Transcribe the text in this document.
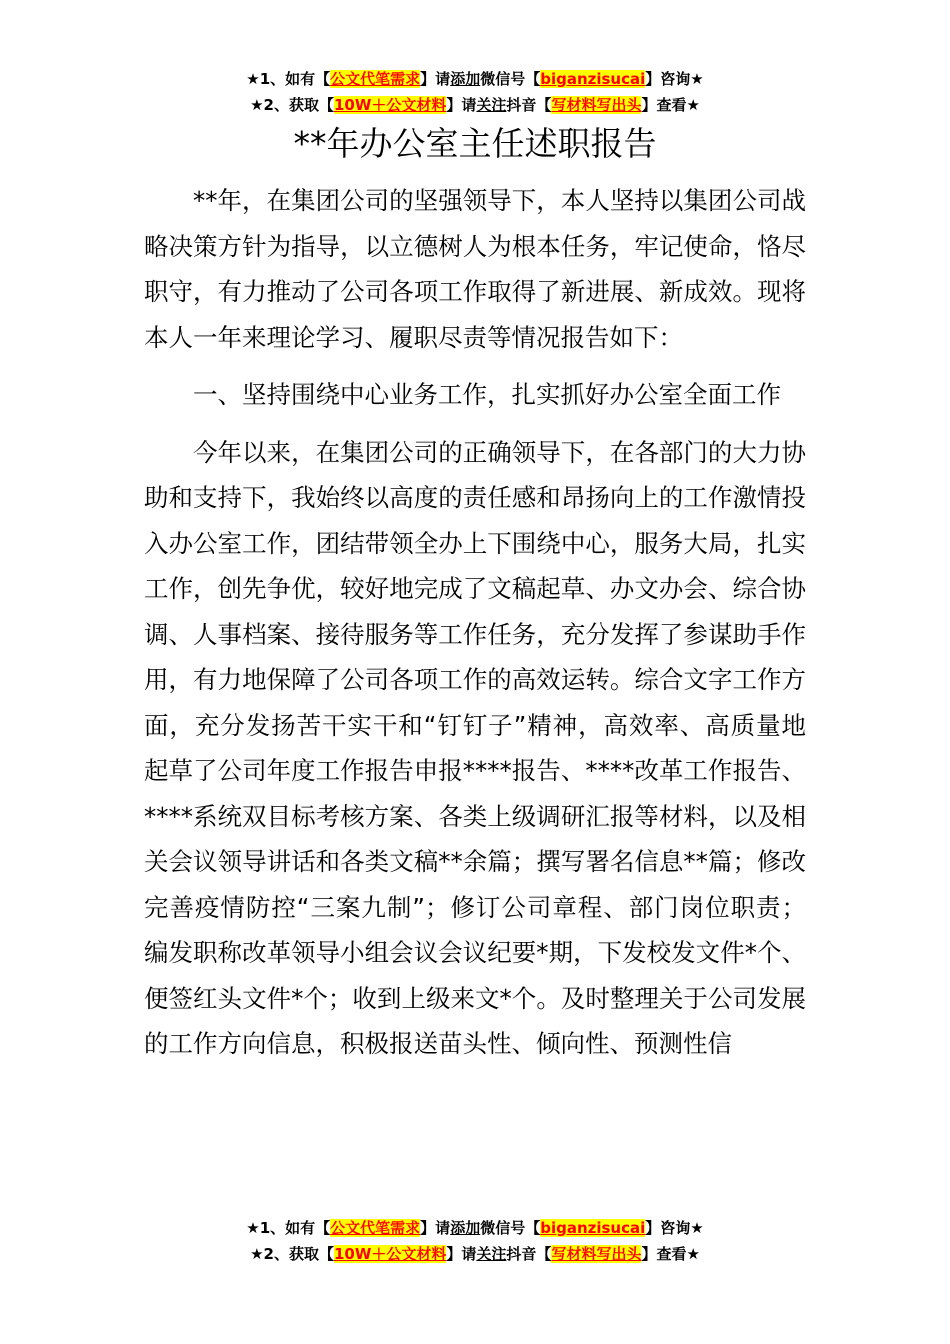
★1、如有【公文代笔需求】请添加微信号【biganzisucai】咨询★
★2、获取【10W＋公文材料】请关注抖音【写材料写出头】查看★
**年办公室主任述职报告

**年，在集团公司的坚强领导下，本人坚持以集团公司战略决策方针为指导，以立德树人为根本任务，牢记使命，恪尽职守，有力推动了公司各项工作取得了新进展、新成效。现将本人一年来理论学习、履职尽责等情况报告如下：

一、坚持围绕中心业务工作，扎实抓好办公室全面工作

今年以来，在集团公司的正确领导下，在各部门的大力协助和支持下，我始终以高度的责任感和昂扬向上的工作激情投入办公室工作，团结带领全办上下围绕中心，服务大局，扎实工作，创先争优，较好地完成了文稿起草、办文办会、综合协调、人事档案、接待服务等工作任务，充分发挥了参谋助手作用，有力地保障了公司各项工作的高效运转。综合文字工作方面，充分发扬苦干实干和“钉钉子”精神，高效率、高质量地起草了公司年度工作报告申报****报告、****改革工作报告、****系统双目标考核方案、各类上级调研汇报等材料，以及相关会议领导讲话和各类文稿**余篇；撰写署名信息**篇；修改完善疫情防控“三案九制”；修订公司章程、部门岗位职责；编发职称改革领导小组会议会议纪要*期，下发校发文件*个、便签红头文件*个；收到上级来文*个。及时整理关于公司发展的工作方向信息，积极报送苗头性、倾向性、预测性信

★1、如有【公文代笔需求】请添加微信号【biganzisucai】咨询★
★2、获取【10W＋公文材料】请关注抖音【写材料写出头】查看★
